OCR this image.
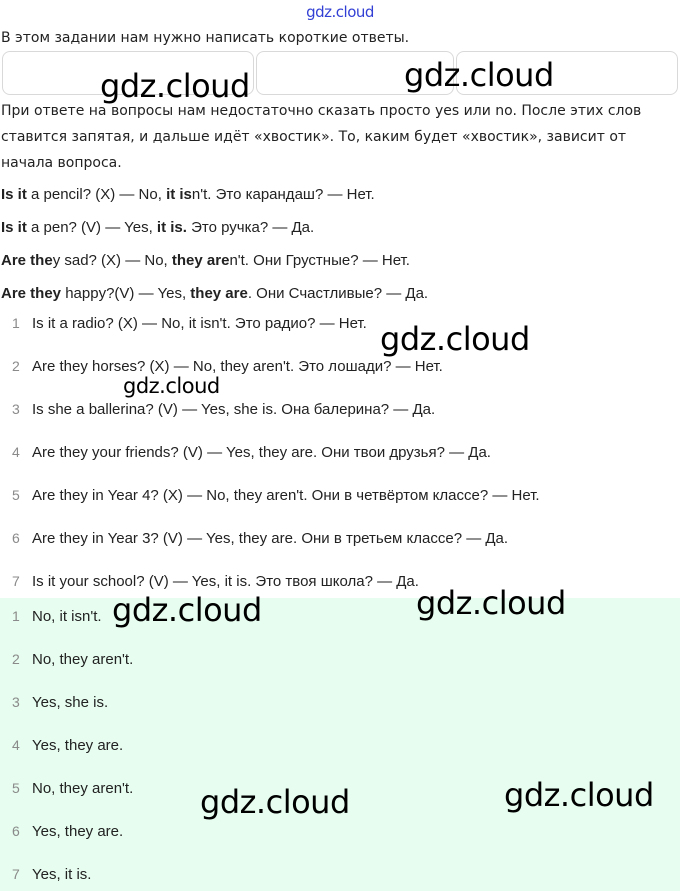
gdz.cloud
В этом задании нам нужно написать короткие ответы.
При ответе на вопросы нам недостаточно сказать просто yes или no. После этих слов ставится запятая, и дальше идёт «хвостик». То, каким будет «хвостик», зависит от начала вопроса.
Is it a pencil? (X) — No, it isn't. Это карандаш? — Нет.
Is it a pen? (V) — Yes, it is. Это ручка? — Да.
Are they sad? (X) — No, they aren't. Они Грустные? — Нет.
Are they happy?(V) — Yes, they are. Они Счастливые? — Да.
1 Is it a radio? (X) — No, it isn't. Это радио? — Нет.
2 Are they horses? (X) — No, they aren't. Это лошади? — Нет.
3 Is she a ballerina? (V) — Yes, she is. Она балерина? — Да.
4 Are they your friends? (V) — Yes, they are. Они твои друзья? — Да.
5 Are they in Year 4? (X) — No, they aren't. Они в четвёртом классе? — Нет.
6 Are they in Year 3? (V) — Yes, they are. Они в третьем классе? — Да.
7 Is it your school? (V) — Yes, it is. Это твоя школа? — Да.
1 No, it isn't.
2 No, they aren't.
3 Yes, she is.
4 Yes, they are.
5 No, they aren't.
6 Yes, they are.
7 Yes, it is.
gdz.cloud	gdz.cloud
gdz.cloud
gdz.cloud
gdz.cloud	gdz.cloud
gdz.cloud	gdz.cloud
